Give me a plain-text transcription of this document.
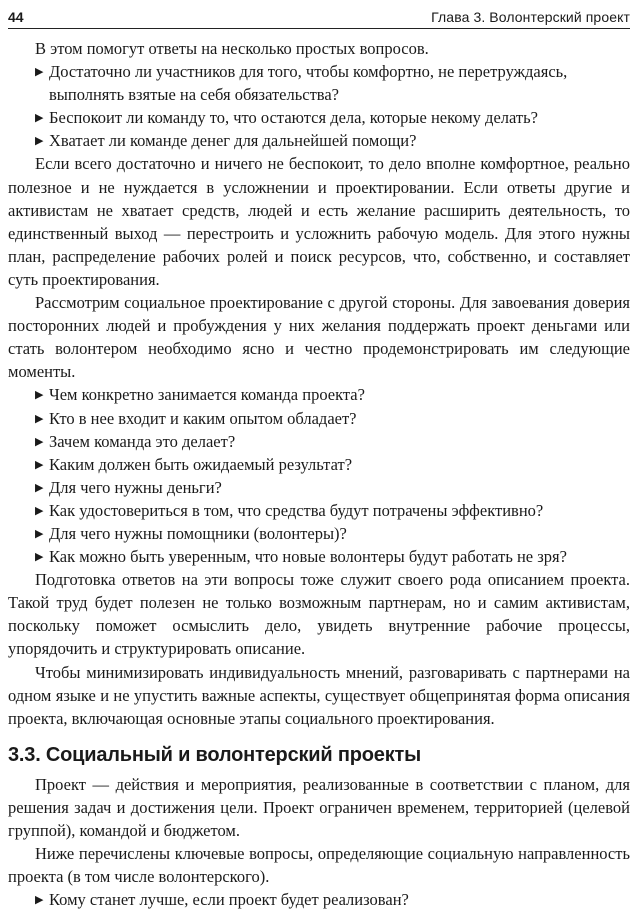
44	Глава 3. Волонтерский проект

В этом помогут ответы на несколько простых вопросов.

▶ Достаточно ли участников для того, чтобы комфортно, не перетруждаясь, выполнять взятые на себя обязательства?
▶ Беспокоит ли команду то, что остаются дела, которые некому делать?
▶ Хватает ли команде денег для дальнейшей помощи?

Если всего достаточно и ничего не беспокоит, то дело вполне комфортное, реально полезное и не нуждается в усложнении и проектировании. Если ответы другие и активистам не хватает средств, людей и есть желание расширить деятельность, то единственный выход — перестроить и усложнить рабочую модель. Для этого нужны план, распределение рабочих ролей и поиск ресурсов, что, собственно, и составляет суть проектирования.

Рассмотрим социальное проектирование с другой стороны. Для завоевания доверия посторонних людей и пробуждения у них желания поддержать проект деньгами или стать волонтером необходимо ясно и честно продемонстрировать им следующие моменты.

▶ Чем конкретно занимается команда проекта?
▶ Кто в нее входит и каким опытом обладает?
▶ Зачем команда это делает?
▶ Каким должен быть ожидаемый результат?
▶ Для чего нужны деньги?
▶ Как удостовериться в том, что средства будут потрачены эффективно?
▶ Для чего нужны помощники (волонтеры)?
▶ Как можно быть уверенным, что новые волонтеры будут работать не зря?

Подготовка ответов на эти вопросы тоже служит своего рода описанием проекта. Такой труд будет полезен не только возможным партнерам, но и самим активистам, поскольку поможет осмыслить дело, увидеть внутренние рабочие процессы, упорядочить и структурировать описание.

Чтобы минимизировать индивидуальность мнений, разговаривать с партнерами на одном языке и не упустить важные аспекты, существует общепринятая форма описания проекта, включающая основные этапы социального проектирования.

3.3. Социальный и волонтерский проекты

Проект — действия и мероприятия, реализованные в соответствии с планом, для решения задач и достижения цели. Проект ограничен временем, территорией (целевой группой), командой и бюджетом.

Ниже перечислены ключевые вопросы, определяющие социальную направленность проекта (в том числе волонтерского).

▶ Кому станет лучше, если проект будет реализован?
